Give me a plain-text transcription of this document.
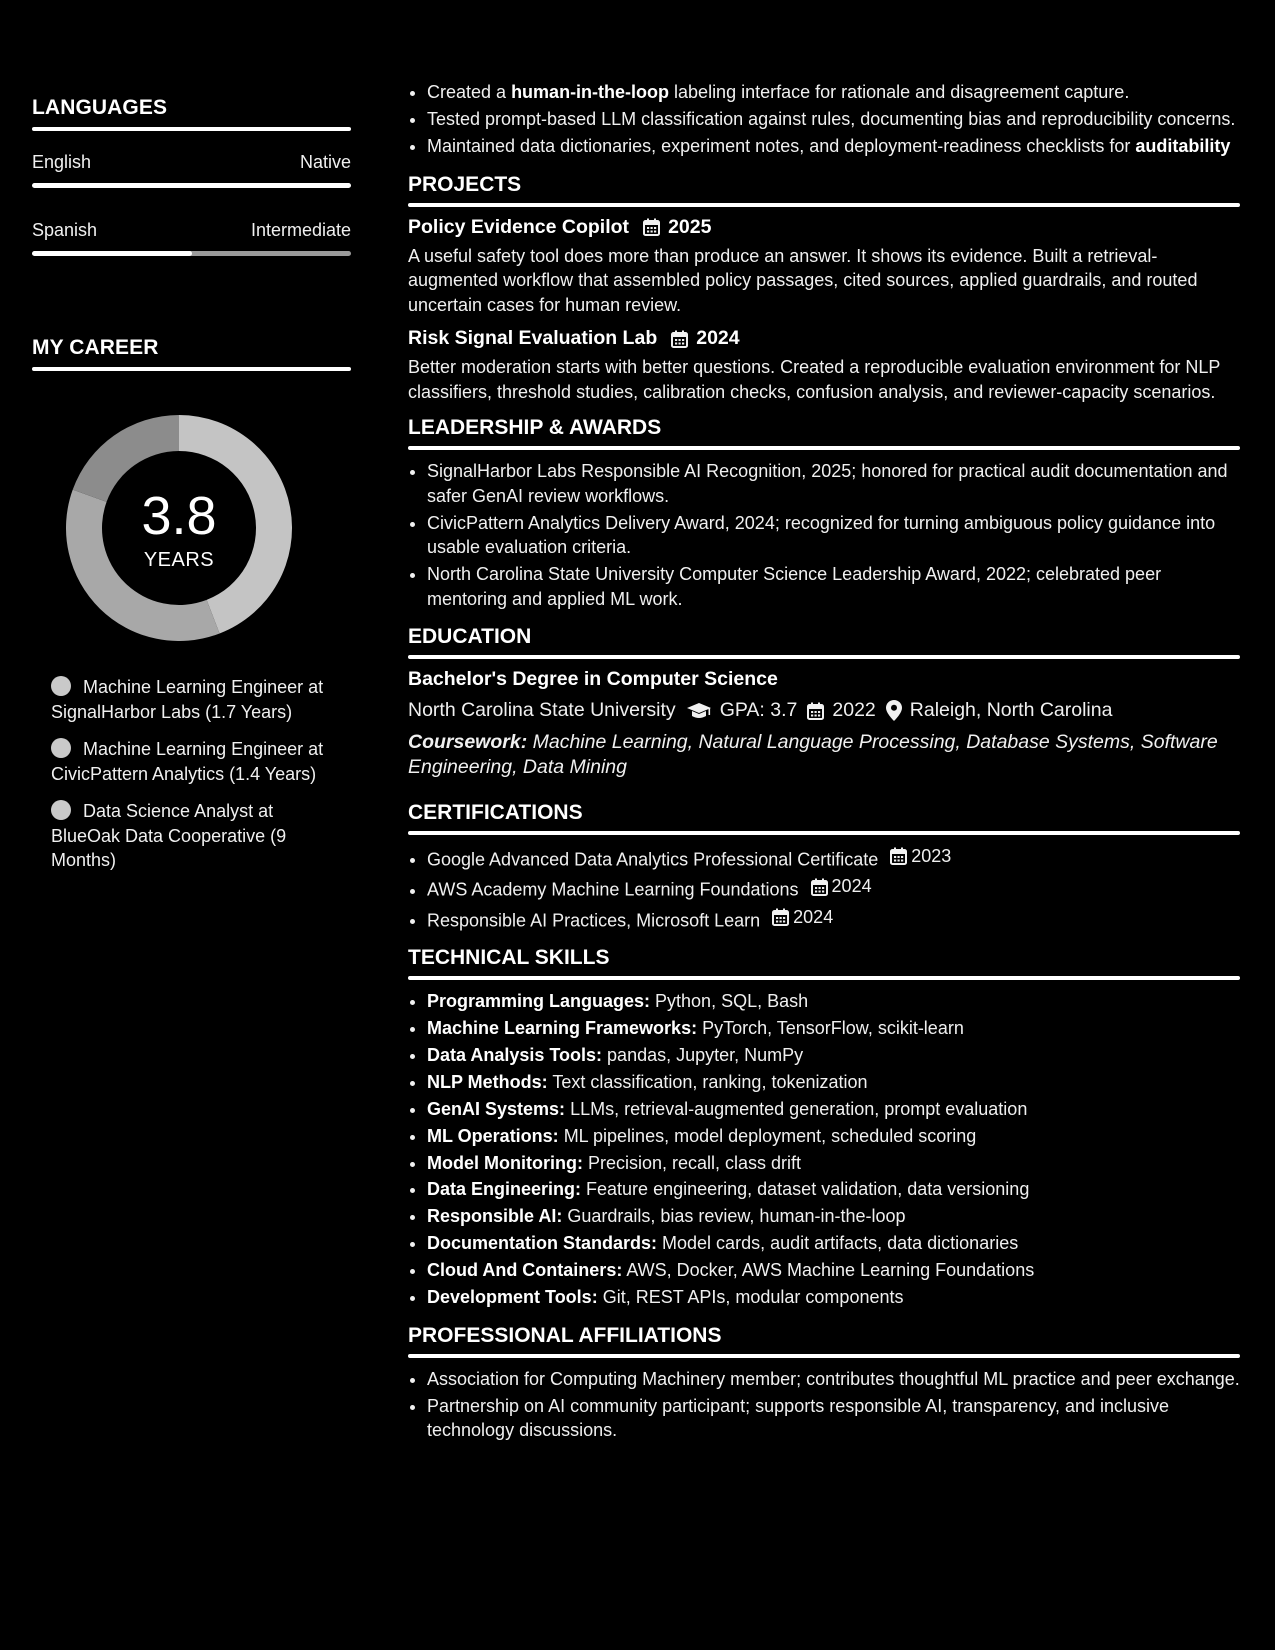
LANGUAGES
English	Native
Spanish	Intermediate
MY CAREER
3.8
YEARS
Machine Learning Engineer at SignalHarbor Labs (1.7 Years)
Machine Learning Engineer at CivicPattern Analytics (1.4 Years)
Data Science Analyst at BlueOak Data Cooperative (9 Months)
• Created a human-in-the-loop labeling interface for rationale and disagreement capture.
• Tested prompt-based LLM classification against rules, documenting bias and reproducibility concerns.
• Maintained data dictionaries, experiment notes, and deployment-readiness checklists for auditability
PROJECTS
Policy Evidence Copilot 2025
A useful safety tool does more than produce an answer. It shows its evidence. Built a retrieval-augmented workflow that assembled policy passages, cited sources, applied guardrails, and routed uncertain cases for human review.
Risk Signal Evaluation Lab 2024
Better moderation starts with better questions. Created a reproducible evaluation environment for NLP classifiers, threshold studies, calibration checks, confusion analysis, and reviewer-capacity scenarios.
LEADERSHIP & AWARDS
• SignalHarbor Labs Responsible AI Recognition, 2025; honored for practical audit documentation and safer GenAI review workflows.
• CivicPattern Analytics Delivery Award, 2024; recognized for turning ambiguous policy guidance into usable evaluation criteria.
• North Carolina State University Computer Science Leadership Award, 2022; celebrated peer mentoring and applied ML work.
EDUCATION
Bachelor's Degree in Computer Science
North Carolina State University GPA: 3.7 2022 Raleigh, North Carolina
Coursework: Machine Learning, Natural Language Processing, Database Systems, Software Engineering, Data Mining
CERTIFICATIONS
• Google Advanced Data Analytics Professional Certificate 2023
• AWS Academy Machine Learning Foundations 2024
• Responsible AI Practices, Microsoft Learn 2024
TECHNICAL SKILLS
• Programming Languages: Python, SQL, Bash
• Machine Learning Frameworks: PyTorch, TensorFlow, scikit-learn
• Data Analysis Tools: pandas, Jupyter, NumPy
• NLP Methods: Text classification, ranking, tokenization
• GenAI Systems: LLMs, retrieval-augmented generation, prompt evaluation
• ML Operations: ML pipelines, model deployment, scheduled scoring
• Model Monitoring: Precision, recall, class drift
• Data Engineering: Feature engineering, dataset validation, data versioning
• Responsible AI: Guardrails, bias review, human-in-the-loop
• Documentation Standards: Model cards, audit artifacts, data dictionaries
• Cloud And Containers: AWS, Docker, AWS Machine Learning Foundations
• Development Tools: Git, REST APIs, modular components
PROFESSIONAL AFFILIATIONS
• Association for Computing Machinery member; contributes thoughtful ML practice and peer exchange.
• Partnership on AI community participant; supports responsible AI, transparency, and inclusive technology discussions.
